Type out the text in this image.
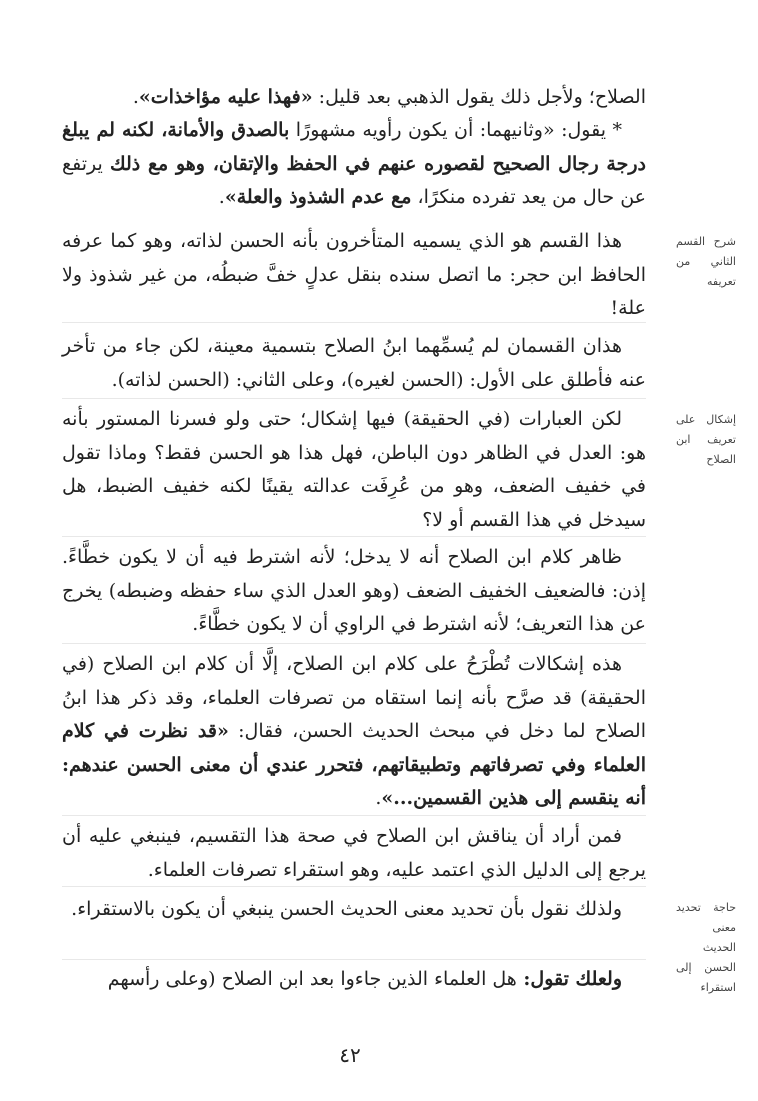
الصلاح؛ ولأجل ذلك يقول الذهبي بعد قليل: «فهذا عليه مؤاخذات».
* يقول: «وثانيهما: أن يكون رأويه مشهورًا بالصدق والأمانة، لكنه لم يبلغ درجة رجال الصحيح لقصوره عنهم في الحفظ والإتقان، وهو مع ذلك يرتفع عن حال من يعد تفرده منكرًا، مع عدم الشذوذ والعلة».
هذا القسم هو الذي يسميه المتأخرون بأنه الحسن لذاته، وهو كما عرفه الحافظ ابن حجر: ما اتصل سنده بنقل عدلٍ خفَّ ضبطُه، من غير شذوذ ولا علة!
هذان القسمان لم يُسمِّهما ابنُ الصلاح بتسمية معينة، لكن جاء من تأخر عنه فأطلق على الأول: (الحسن لغيره)، وعلى الثاني: (الحسن لذاته).
لكن العبارات (في الحقيقة) فيها إشكال؛ حتى ولو فسرنا المستور بأنه هو: العدل في الظاهر دون الباطن، فهل هذا هو الحسن فقط؟ وماذا تقول في خفيف الضعف، وهو من عُرِفَت عدالته يقينًا لكنه خفيف الضبط، هل سيدخل في هذا القسم أو لا؟
ظاهر كلام ابن الصلاح أنه لا يدخل؛ لأنه اشترط فيه أن لا يكون خطَّاءً. إذن: فالضعيف الخفيف الضعف (وهو العدل الذي ساء حفظه وضبطه) يخرج عن هذا التعريف؛ لأنه اشترط في الراوي أن لا يكون خطَّاءً.
هذه إشكالات تُطْرَحُ على كلام ابن الصلاح، إلَّا أن كلام ابن الصلاح (في الحقيقة) قد صرَّح بأنه إنما استقاه من تصرفات العلماء، وقد ذكر هذا ابنُ الصلاح لما دخل في مبحث الحديث الحسن، فقال: «قد نظرت في كلام العلماء وفي تصرفاتهم وتطبيقاتهم، فتحرر عندي أن معنى الحسن عندهم: أنه ينقسم إلى هذين القسمين...».
فمن أراد أن يناقش ابن الصلاح في صحة هذا التقسيم، فينبغي عليه أن يرجع إلى الدليل الذي اعتمد عليه، وهو استقراء تصرفات العلماء.
ولذلك نقول بأن تحديد معنى الحديث الحسن ينبغي أن يكون بالاستقراء.
ولعلك تقول: هل العلماء الذين جاءوا بعد ابن الصلاح (وعلى رأسهم
شرح القسم الثاني من تعريفه
إشكال على تعريف ابن الصلاح
حاجة تحديد معنى الحديث الحسن إلى استقراء
٤٢
